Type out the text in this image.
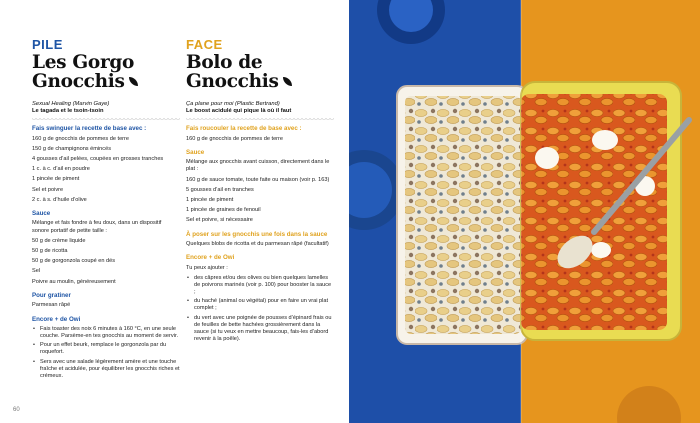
PILE
Les Gorgo
Gnocchis
Sexual Healing (Marvin Gaye)
Le tagada et le tsoin-tsoin
Fais swinguer la recette de base avec :
160 g de gnocchis de pommes de terre
150 g de champignons émincés
4 gousses d’ail pelées, coupées en grosses tranches
1 c. à c. d’ail en poudre
1 pincée de piment
Sel et poivre
2 c. à s. d’huile d’olive
Sauce
Mélange et fais fondre à feu doux, dans un dispositif sonore portatif de petite taille :
50 g de crème liquide
50 g de ricotta
50 g de gorgonzola coupé en dés
Sel
Poivre au moulin, généreusement
Pour gratiner
Parmesan râpé
Encore + de Owi
• Fais toaster des noix 6 minutes à 160 °C, en une seule couche. Parsème-en tes gnocchis au moment de servir.
• Pour un effet beurk, remplace le gorgonzola par du roquefort.
• Sers avec une salade légèrement amère et une touche fraîche et acidulée, pour équilibrer les gnocchis riches et crémeux.
FACE
Bolo de
Gnocchis
Ça plane pour moi (Plastic Bertrand)
Le boost acidulé qui pique là où il faut
Fais roucouler la recette de base avec :
160 g de gnocchis de pommes de terre
Sauce
Mélange aux gnocchis avant cuisson, directement dans le plat :
160 g de sauce tomate, toute faite ou maison (voir p. 163)
5 gousses d’ail en tranches
1 pincée de piment
1 pincée de graines de fenouil
Sel et poivre, si nécessaire
À poser sur les gnocchis une fois dans la sauce
Quelques blobs de ricotta et du parmesan râpé (facultatif)
Encore + de Owi
Tu peux ajouter :
• des câpres et/ou des olives ou bien quelques lamelles de poivrons marinés (voir p. 100) pour booster la sauce ;
• du haché (animal ou végétal) pour en faire un vrai plat complet ;
• du vert avec une poignée de pousses d’épinard frais ou de feuilles de bette hachées grossièrement dans la sauce (si tu veux en mettre beaucoup, fais-les d’abord revenir à la poêle).
60
